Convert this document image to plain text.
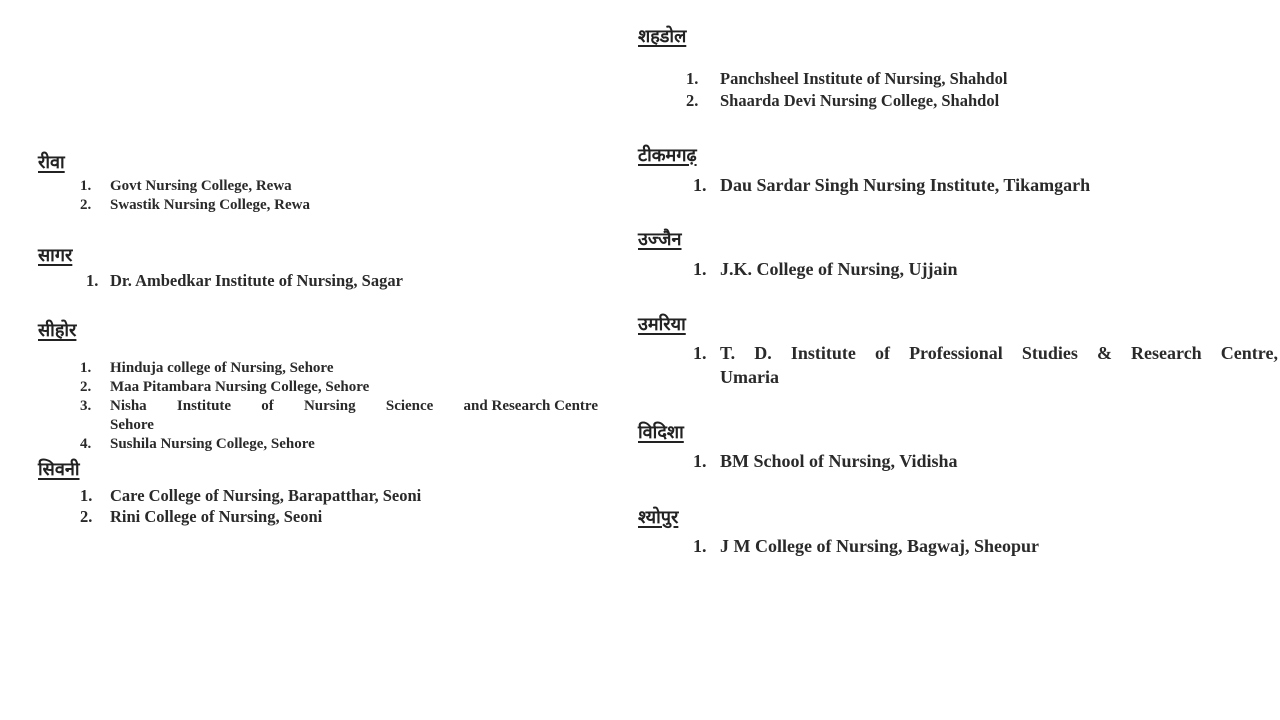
रीवा
1. Govt Nursing College, Rewa
2. Swastik Nursing College, Rewa
सागर
1. Dr. Ambedkar Institute of Nursing, Sagar
सीहोर
1. Hinduja college of Nursing, Sehore
2. Maa Pitambara Nursing College, Sehore
3. Nisha Institute of Nursing Science and Research Centre
Sehore
4. Sushila Nursing College, Sehore
सिवनी
1. Care College of Nursing, Barapatthar, Seoni
2. Rini College of Nursing, Seoni
शहडोल
1. Panchsheel Institute of Nursing, Shahdol
2. Shaarda Devi Nursing College, Shahdol
टीकमगढ़
1. Dau Sardar Singh Nursing Institute, Tikamgarh
उज्जैन
1. J.K. College of Nursing, Ujjain
उमरिया
1. T. D. Institute of Professional Studies & Research Centre,
Umaria
विदिशा
1. BM School of Nursing, Vidisha
श्योपुर
1. J M College of Nursing, Bagwaj, Sheopur
